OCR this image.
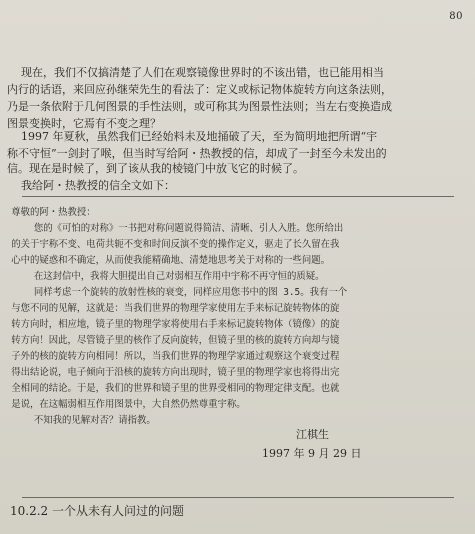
80

现在，我们不仅搞清楚了人们在观察镜像世界时的不该出错，也已能用相当
内行的话语，来回应孙继荣先生的看法了：定义或标记物体旋转方向这条法则，
乃是一条依附于几何图景的手性法则，或可称其为图景性法则；当左右变换造成
图景变换时，它焉有不变之理？

1997 年夏秋，虽然我们已经始料未及地捅破了天，至为简明地把所谓“宇
称不守恒”一剑封了喉，但当时写给阿・热教授的信，却成了一封至今未发出的

信。现在是时候了，到了该从我的棱镜门中放飞它的时候了。
我给阿・热教授的信全文如下：

尊敬的阿・热教授：

您的《可怕的对称》一书把对称问题说得简洁、清晰、引人入胜。您所给出
的关于宇称不变、电荷共轭不变和时间反演不变的操作定义，驱走了长久留在我
心中的疑惑和不确定，从而使我能精确地、清楚地思考关于对称的一些问题。
在这封信中，我将大胆提出自己对弱相互作用中宇称不再守恒的质疑。
同样考虑一个旋转的放射性核的衰变，同样应用您书中的图 3.5。我有一个
与您不同的见解，这就是：当我们世界的物理学家使用左手来标记旋转物体的旋
转方向时，相应地，镜子里的物理学家将使用右手来标记旋转物体（镜像）的旋
转方向！因此，尽管镜子里的核作了反向旋转，但镜子里的核的旋转方向却与镜
子外的核的旋转方向相同！所以，当我们世界的物理学家通过观察这个衰变过程
得出结论说，电子倾向于沿核的旋转方向出现时，镜子里的物理学家也将得出完
全相同的结论。于是，我们的世界和镜子里的世界受相同的物理定律支配。也就
是说，在这幅弱相互作用图景中，大自然仍然尊重宇称。
不知我的见解对否？请指教。

江棋生

1997 年 9 月 29 日

10.2.2 一个从未有人问过的问题
